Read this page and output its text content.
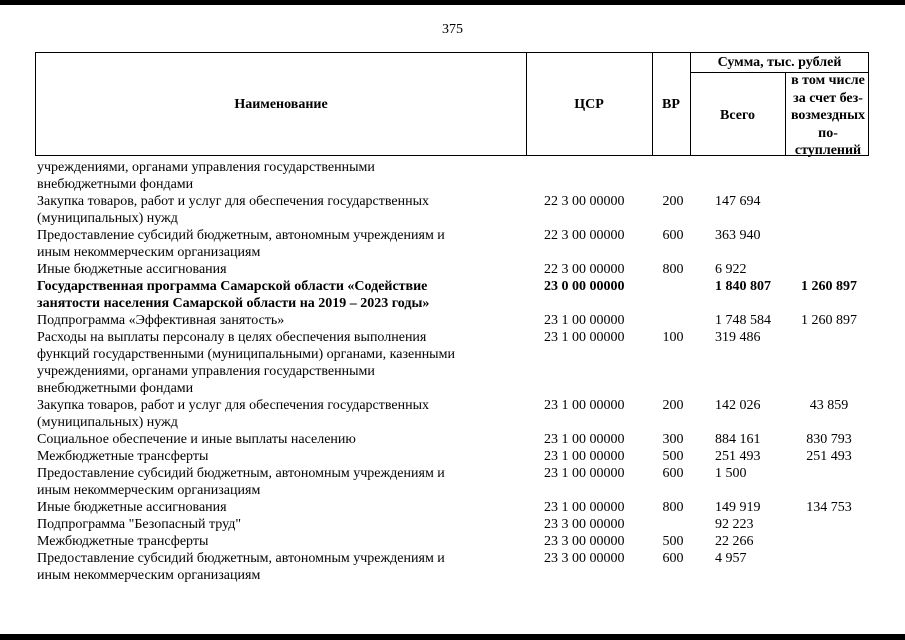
375
Наименование	ЦСР	ВР
Сумма, тыс. рублей
Всего
в том числе за счет без-возмездных по-ступлений
учреждениями, органами управления государственными
внебюджетными фондами
Закупка товаров, работ и услуг для обеспечения государственных
(муниципальных) нужд
22 3 00 00000	200	147 694
Предоставление субсидий бюджетным, автономным учреждениям и
иным некоммерческим организациям
22 3 00 00000	600	363 940
Иные бюджетные ассигнования	22 3 00 00000	800	6 922
Государственная программа Самарской области «Содействие
занятости населения Самарской области на 2019 – 2023 годы»
23 0 00 00000	1 840 807	1 260 897
Подпрограмма «Эффективная занятость»	23 1 00 00000	1 748 584	1 260 897
Расходы на выплаты персоналу в целях обеспечения выполнения
функций государственными (муниципальными) органами, казенными
учреждениями, органами управления государственными
внебюджетными фондами
23 1 00 00000	100	319 486
Закупка товаров, работ и услуг для обеспечения государственных
(муниципальных) нужд
23 1 00 00000	200	142 026	43 859
Социальное обеспечение и иные выплаты населению	23 1 00 00000	300	884 161	830 793
Межбюджетные трансферты	23 1 00 00000	500	251 493	251 493
Предоставление субсидий бюджетным, автономным учреждениям и
иным некоммерческим организациям
23 1 00 00000	600	1 500
Иные бюджетные ассигнования	23 1 00 00000	800	149 919	134 753
Подпрограмма "Безопасный труд"	23 3 00 00000	92 223
Межбюджетные трансферты	23 3 00 00000	500	22 266
Предоставление субсидий бюджетным, автономным учреждениям и
иным некоммерческим организациям
23 3 00 00000	600	4 957
